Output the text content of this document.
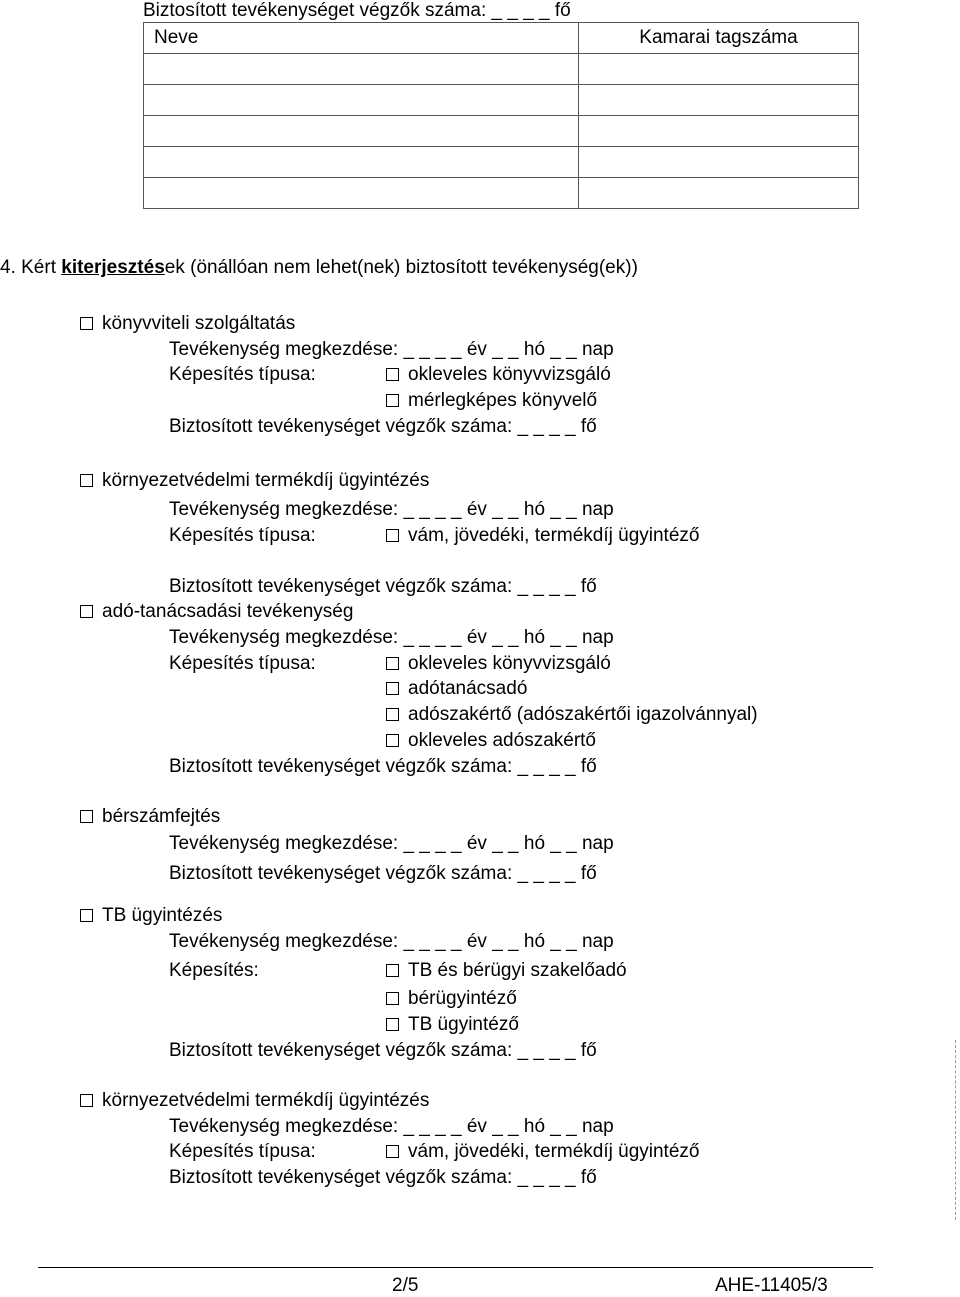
Biztosított tevékenységet végzők száma: _ _ _ _ fő
Neve	Kamarai tagszáma

4. Kért kiterjesztések (önállóan nem lehet(nek) biztosított tevékenység(ek))
könyvviteli szolgáltatás
Tevékenység megkezdése: _ _ _ _ év _ _ hó _ _ nap
Képesítés típusa:	okleveles könyvvizsgáló
mérlegképes könyvelő
Biztosított tevékenységet végzők száma: _ _ _ _ fő
környezetvédelmi termékdíj ügyintézés
Tevékenység megkezdése: _ _ _ _ év _ _ hó _ _ nap
Képesítés típusa:	vám, jövedéki, termékdíj ügyintéző
Biztosított tevékenységet végzők száma: _ _ _ _ fő
adó-tanácsadási tevékenység
Tevékenység megkezdése: _ _ _ _ év _ _ hó _ _ nap
Képesítés típusa:	okleveles könyvvizsgáló
adótanácsadó
adószakértő (adószakértői igazolvánnyal)
okleveles adószakértő
Biztosított tevékenységet végzők száma: _ _ _ _ fő
bérszámfejtés
Tevékenység megkezdése: _ _ _ _ év _ _ hó _ _ nap
Biztosított tevékenységet végzők száma: _ _ _ _ fő
TB ügyintézés
Tevékenység megkezdése: _ _ _ _ év _ _ hó _ _ nap
Képesítés:	TB és bérügyi szakelőadó
bérügyintéző
TB ügyintéző
Biztosított tevékenységet végzők száma: _ _ _ _ fő
környezetvédelmi termékdíj ügyintézés
Tevékenység megkezdése: _ _ _ _ év _ _ hó _ _ nap
Képesítés típusa:	vám, jövedéki, termékdíj ügyintéző
Biztosított tevékenységet végzők száma: _ _ _ _ fő
2/5	AHE-11405/3
